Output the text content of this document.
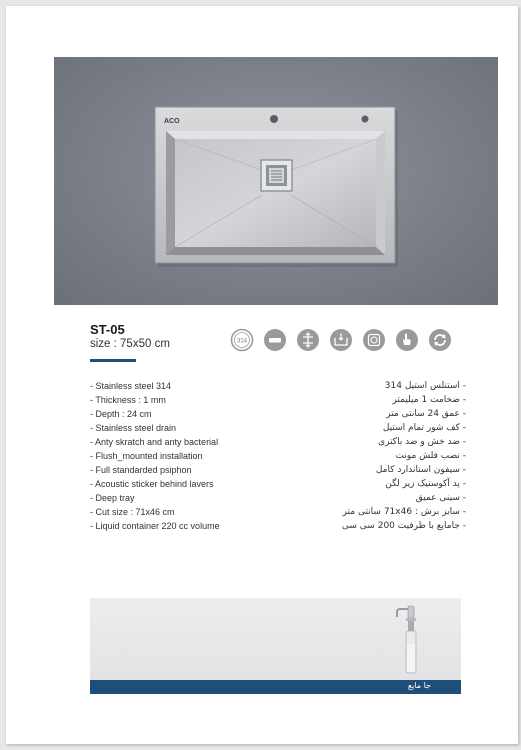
ACO
ST-05
size : 75x50 cm	314
- Stainless steel 314
- Thickness : 1 mm
- Depth : 24 cm
- Stainless steel drain
- Anty skratch and anty bacterial
- Flush_mounted installation
- Full standarded psiphon
- Acoustic sticker behind lavers
- Deep tray
- Cut size : 71x46 cm
- Liquid container 220 cc volume
- استنلس استیل 314
- ضخامت 1 میلیمتر
- عمق 24 سانتی متر
- کف شور تمام استیل
- ضد خش و ضد باکتری
- نصب فلش مونت
- سیفون استاندارد کامل
- پد آکوستیک زیر لگن
- سینی عمیق
- سایز برش : 71x46 سانتی متر
- جامایع با ظرفیت 200 سی سی
جا مایع
